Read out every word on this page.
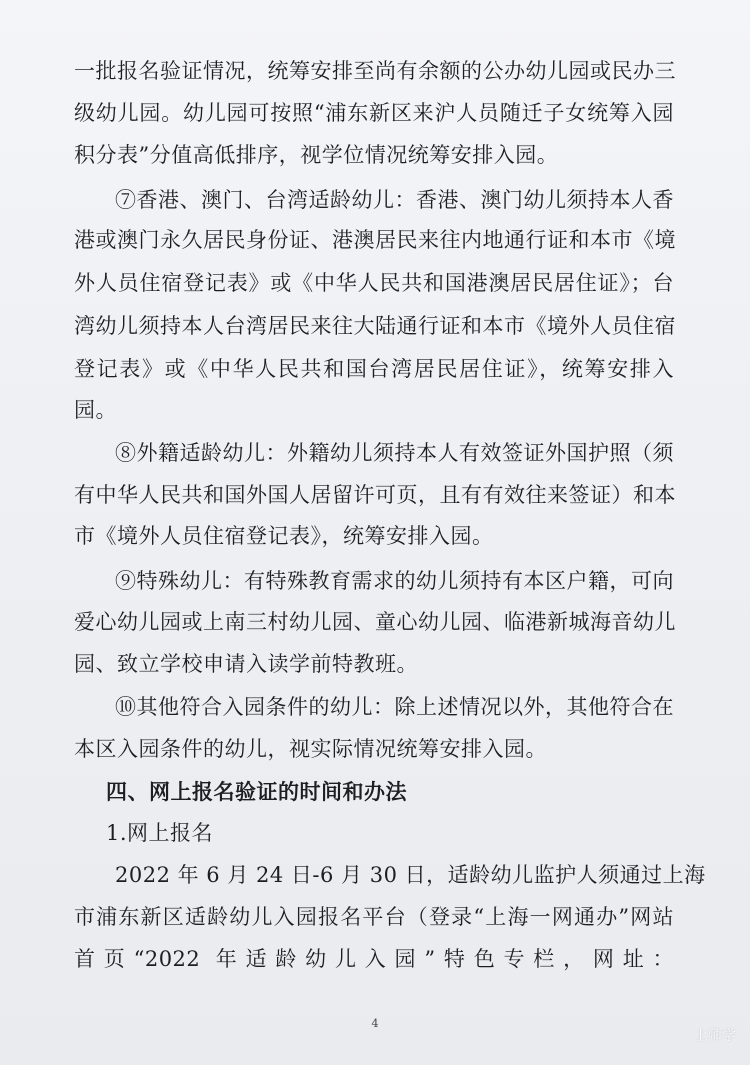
一批报名验证情况，统筹安排至尚有余额的公办幼儿园或民办三
级幼儿园。幼儿园可按照“浦东新区来沪人员随迁子女统筹入园
积分表”分值高低排序，视学位情况统筹安排入园。
⑦香港、澳门、台湾适龄幼儿：香港、澳门幼儿须持本人香
港或澳门永久居民身份证、港澳居民来往内地通行证和本市《境
外人员住宿登记表》或《中华人民共和国港澳居民居住证》；台
湾幼儿须持本人台湾居民来往大陆通行证和本市《境外人员住宿
登记表》或《中华人民共和国台湾居民居住证》，统筹安排入
园。
⑧外籍适龄幼儿：外籍幼儿须持本人有效签证外国护照（须
有中华人民共和国外国人居留许可页，且有有效往来签证）和本
市《境外人员住宿登记表》，统筹安排入园。
⑨特殊幼儿：有特殊教育需求的幼儿须持有本区户籍，可向
爱心幼儿园或上南三村幼儿园、童心幼儿园、临港新城海音幼儿
园、致立学校申请入读学前特教班。
⑩其他符合入园条件的幼儿：除上述情况以外，其他符合在
本区入园条件的幼儿，视实际情况统筹安排入园。
四、网上报名验证的时间和办法
1.网上报名
2022 年 6 月 24 日-6 月 30 日，适龄幼儿监护人须通过上海
市浦东新区适龄幼儿入园报名平台（登录“上海一网通办”网站
首页“2022 年适龄幼儿入园”特色专栏，网址：
4
上师学
